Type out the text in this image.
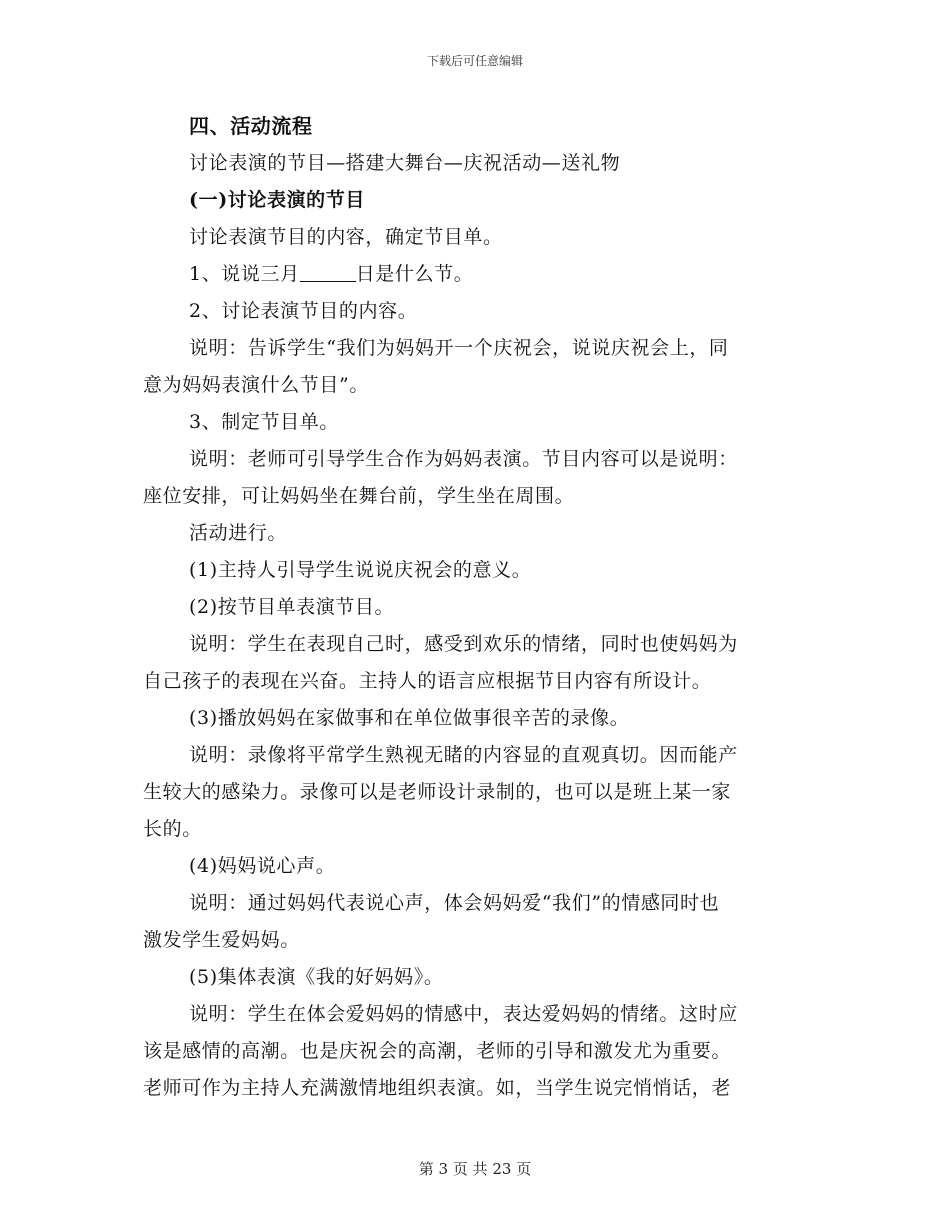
下载后可任意编辑
四、活动流程
讨论表演的节目—搭建大舞台—庆祝活动—送礼物
(一)讨论表演的节目
讨论表演节目的内容，确定节目单。
1、说说三月	日是什么节。
2、讨论表演节目的内容。
说明：告诉学生“我们为妈妈开一个庆祝会，说说庆祝会上，同
意为妈妈表演什么节目”。
3、制定节目单。
说明：老师可引导学生合作为妈妈表演。节目内容可以是说明：
座位安排，可让妈妈坐在舞台前，学生坐在周围。
活动进行。
(1)主持人引导学生说说庆祝会的意义。
(2)按节目单表演节目。
说明：学生在表现自己时，感受到欢乐的情绪，同时也使妈妈为
自己孩子的表现在兴奋。主持人的语言应根据节目内容有所设计。
(3)播放妈妈在家做事和在单位做事很辛苦的录像。
说明：录像将平常学生熟视无睹的内容显的直观真切。因而能产
生较大的感染力。录像可以是老师设计录制的，也可以是班上某一家
长的。
(4)妈妈说心声。
说明：通过妈妈代表说心声，体会妈妈爱“我们”的情感同时也
激发学生爱妈妈。
(5)集体表演《我的好妈妈》。
说明：学生在体会爱妈妈的情感中，表达爱妈妈的情绪。这时应
该是感情的高潮。也是庆祝会的高潮，老师的引导和激发尤为重要。
老师可作为主持人充满激情地组织表演。如，当学生说完悄悄话，老
第 3 页 共 23 页
